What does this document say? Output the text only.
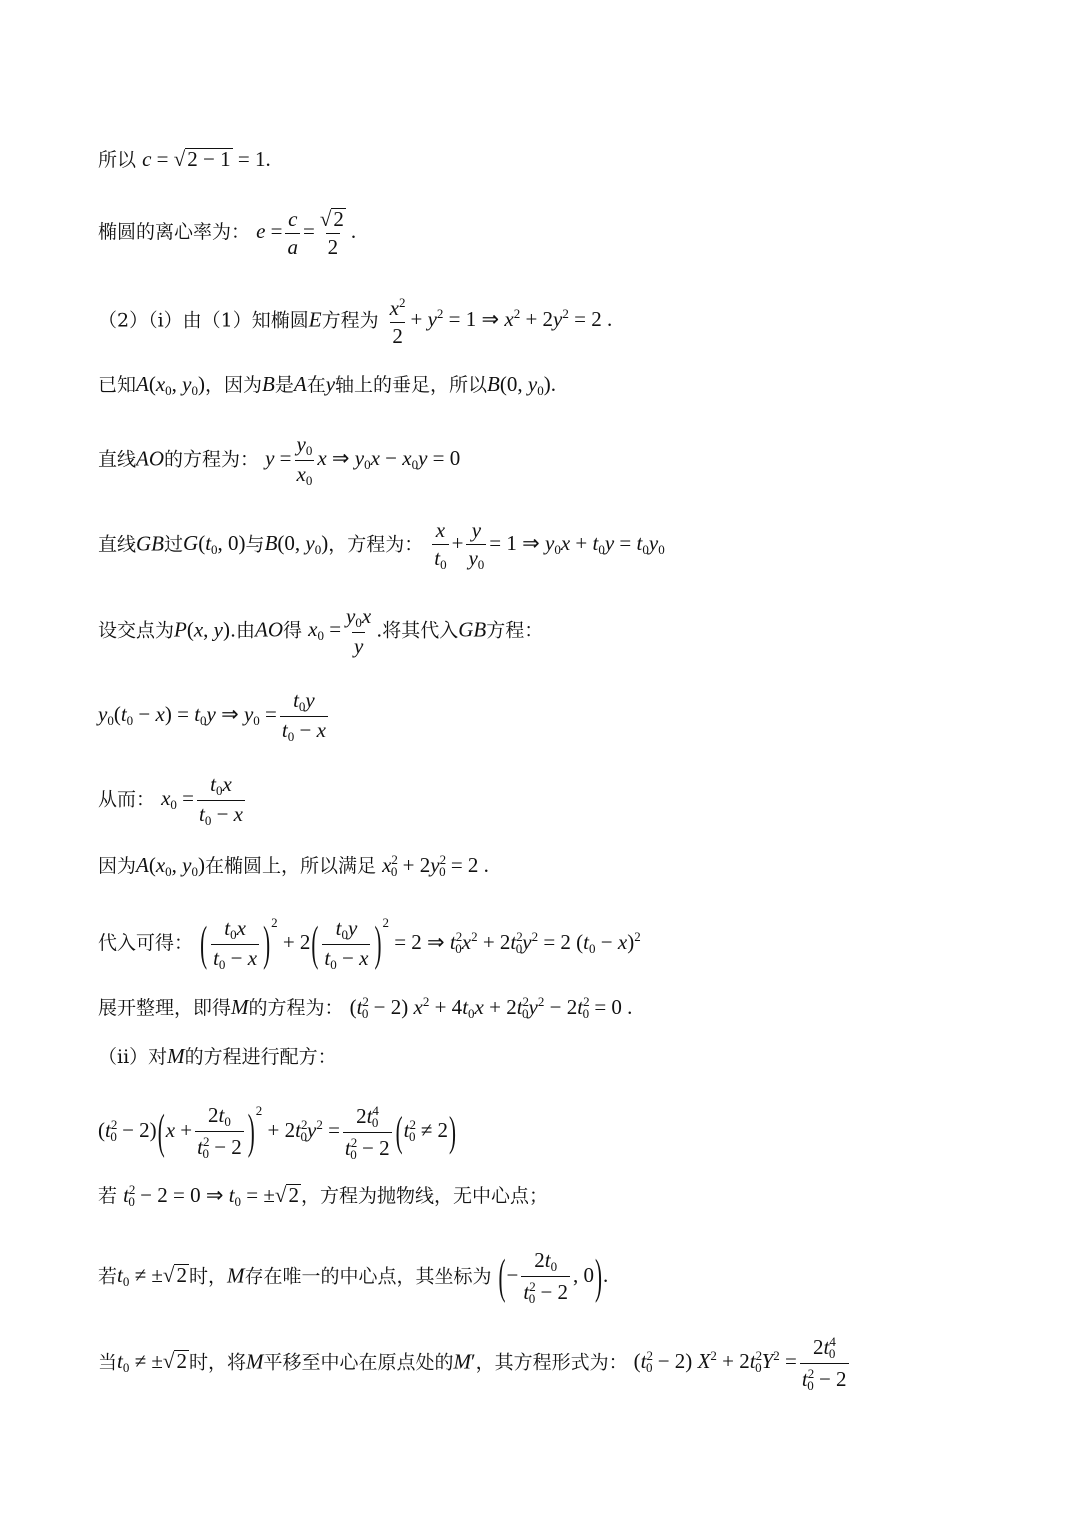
所以 c = √2 − 1 = 1.
椭圆的离心率为： $e = \frac{c}{a} = \frac{√2}{2}$ .
（2）（i）由（1）知椭圆E方程为 $\frac{x^2}{2} + y^2 = 1$ ⇒ $x^2 + 2y^2 = 2$ .
已知A(x0, y0)，因为B是A在y轴上的垂足，所以B(0, y0).
直线AO的方程为： $y = \frac{y0}{x0}$ x ⇒ y0x − x0y = 0
直线GB过G(t0, 0)与B(0, y0)，方程为： $\frac{x}{t0} + \frac{y}{y0} = 1$ ⇒ y0x + t0y = t0y0
设交点为P(x, y).由AO得 $x0 = \frac{y0x}{y}$ .将其代入GB方程：
y0(t0 − x) = t0y ⇒ $y0 = \frac{t0y}{t0 - x}$
从而： $x0 = \frac{t0x}{t0 - x}$
因为A(x0, y0)在椭圆上，所以满足 $x^20 + 2y^20 = 2$ .
代入可得： ( $\frac{t0x}{t0 - x} )^2 + 2( \frac{t0y}{t0 - x} )^2 = 2$ ⇒ $t^20x^2 + 2t^20y^2 = 2$ $(t0 - x)^2$
展开整理，即得M的方程为： $(t^20 - 2) x^2 + 4t0x + 2t^20y^2 - 2t^20 = 0$ .
（ii）对M的方程进行配方：
$(t^20 - 2)(x + \frac{2t0}{t^20 - 2} )^2 + 2t^20y^2 = \frac{2t^40}{t^20 - 2} (t^20 \ne 2)$
若 $t^20 - 2 = 0$ ⇒ t0 = ±√2 ，方程为抛物线，无中心点；
若t0 ≠ ±√2 时，M存在唯一的中心点，其坐标为 (− $\frac{2t0}{t^20 - 2}$ , 0).
当t0 ≠ ±√2 时，将M平移至中心在原点处的M′，其方程形式为： $(t^20 - 2) X^2 + 2t^20Y^2 = \frac{2t^40}{t^20 - 2}$
